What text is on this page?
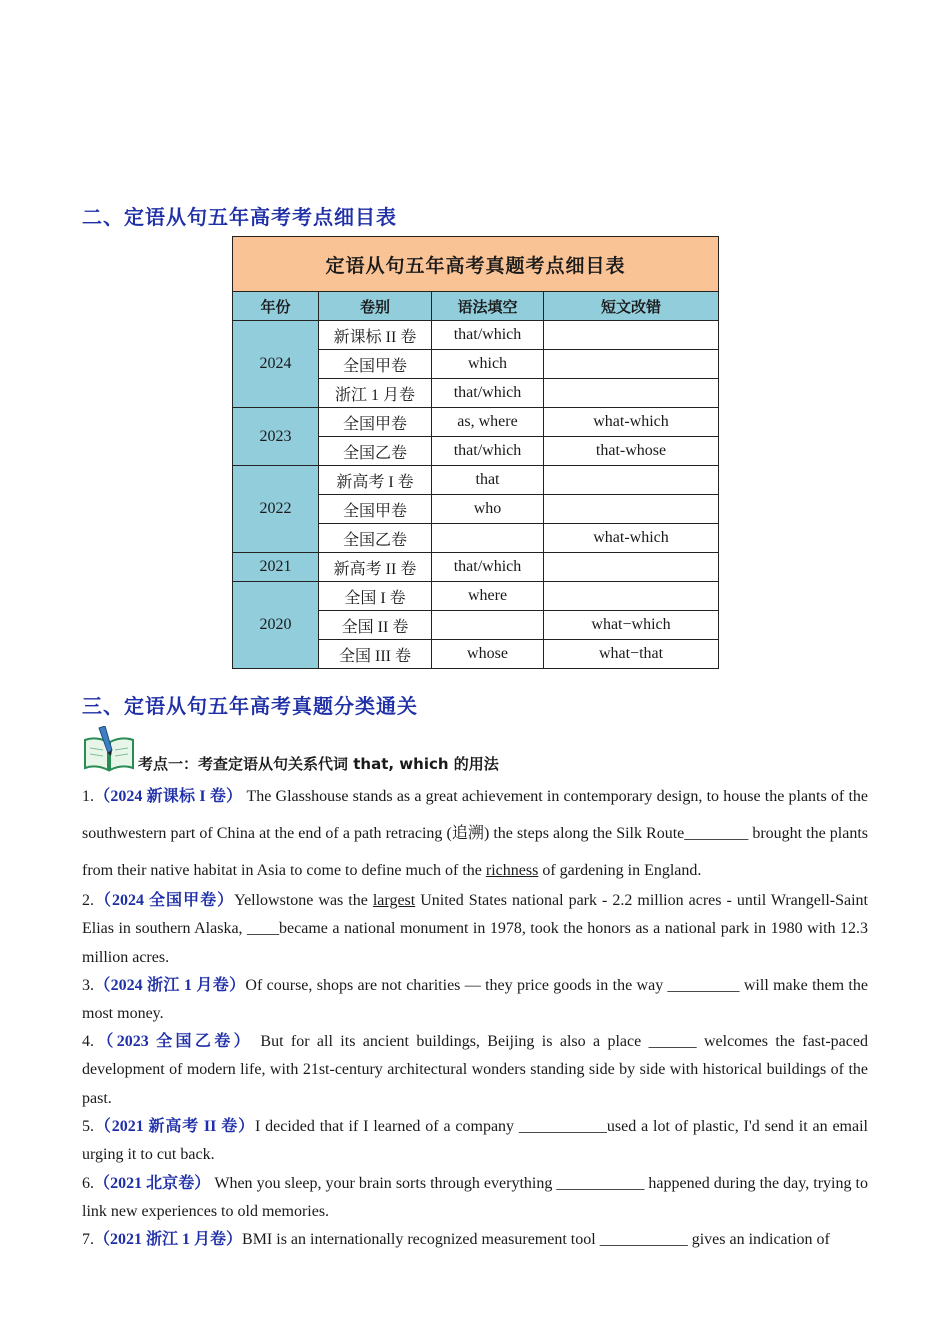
二、定语从句五年高考考点细目表
定语从句五年高考真题考点细目表			
年份	卷别	语法填空	短文改错
2024	新课标 II 卷	that/which	
	全国甲卷	which	
	浙江 1 月卷	that/which	
2023	全国甲卷	as, where	what-which
	全国乙卷	that/which	that-whose
2022	新高考 I 卷	that	
	全国甲卷	who	
	全国乙卷		what-which
2021	新高考 II 卷	that/which	
2020	全国 I 卷	where	
	全国 II 卷		what−which
	全国 III 卷	whose	what−that
三、定语从句五年高考真题分类通关
考点一：考查定语从句关系代词 that, which 的用法
1.（2024 新课标 I 卷） The Glasshouse stands as a great achievement in contemporary design, to house the plants of the southwestern part of China at the end of a path retracing (追溯) the steps along the Silk Route________ brought the plants from their native habitat in Asia to come to define much of the richness of gardening in England.
2.（2024 全国甲卷）Yellowstone was the largest United States national park - 2.2 million acres - until Wrangell-Saint Elias in southern Alaska, ____became a national monument in 1978, took the honors as a national park in 1980 with 12.3 million acres.
3.（2024 浙江 1 月卷）Of course, shops are not charities — they price goods in the way _________ will make them the most money.
4.（2023 全国乙卷） But for all its ancient buildings, Beijing is also a place ______ welcomes the fast-paced development of modern life, with 21st-century architectural wonders standing side by side with historical buildings of the past.
5.（2021 新高考 II 卷）I decided that if I learned of a company ___________used a lot of plastic, I'd send it an email urging it to cut back.
6.（2021 北京卷） When you sleep, your brain sorts through everything ___________ happened during the day, trying to link new experiences to old memories.
7.（2021 浙江 1 月卷）BMI is an internationally recognized measurement tool ___________ gives an indication of
